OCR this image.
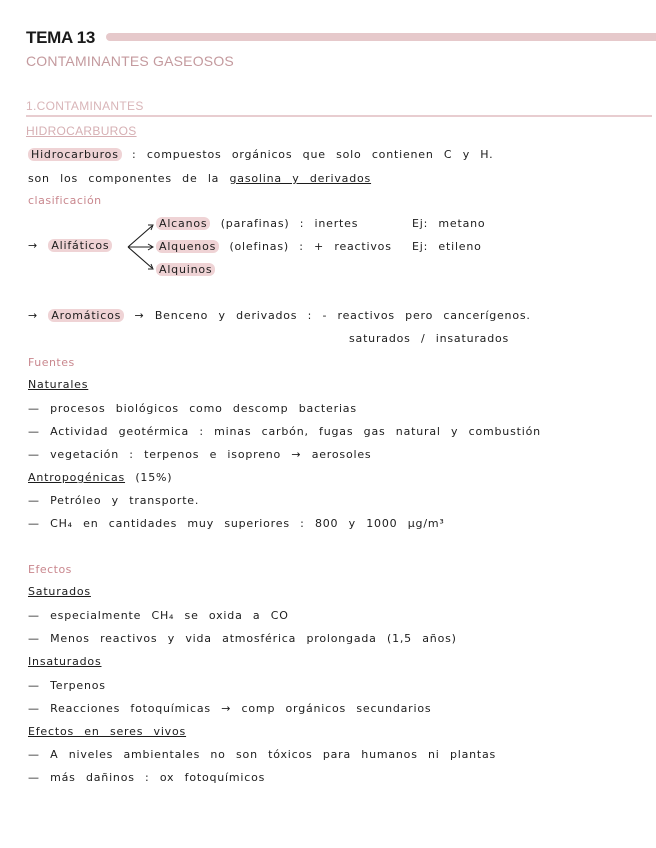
TEMA 13
CONTAMINANTES GASEOSOS
1.CONTAMINANTES
HIDROCARBUROS
Hidrocarburos : compuestos orgánicos que solo contienen C y H.
son los componentes de la gasolina y derivados
clasificación
→ Alifáticos
Alcanos (parafinas) : inertes	Ej: metano
Alquenos (olefinas) : + reactivos Ej: etileno
Alquinos
→ Aromáticos → Benceno y derivados : - reactivos pero cancerígenos.
saturados / insaturados
Fuentes
Naturales
— procesos biológicos como descomp bacterias
— Actividad geotérmica : minas carbón, fugas gas natural y combustión
— vegetación : terpenos e isopreno → aerosoles
Antropogénicas (15%)
— Petróleo y transporte.
— CH₄ en cantidades muy superiores : 800 y 1000 µg/m³
Efectos
Saturados
— especialmente CH₄ se oxida a CO
— Menos reactivos y vida atmosférica prolongada (1,5 años)
Insaturados
— Terpenos
— Reacciones fotoquímicas → comp orgánicos secundarios
Efectos en seres vivos
— A niveles ambientales no son tóxicos para humanos ni plantas
— más dañinos : ox fotoquímicos
